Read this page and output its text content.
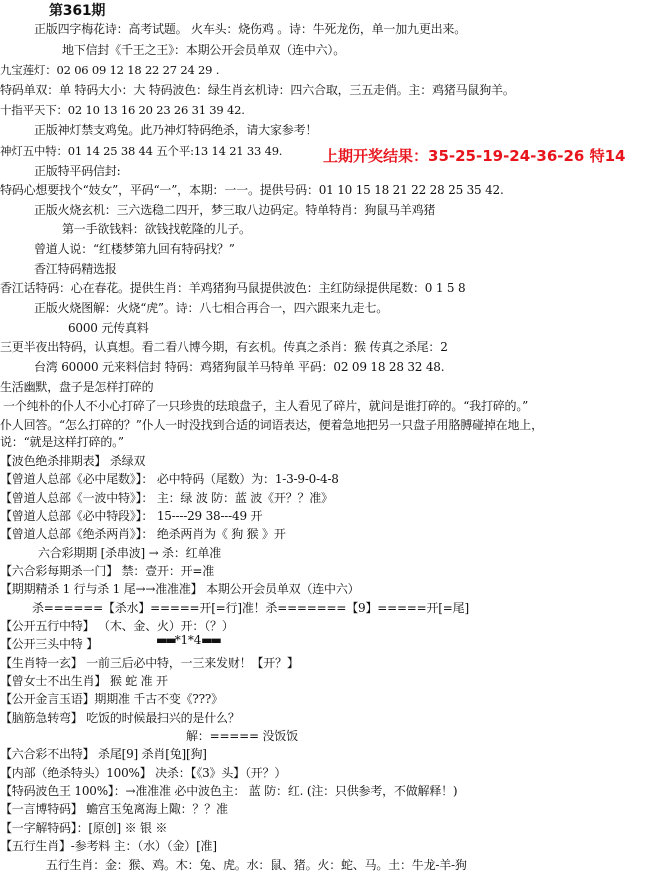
第361期
正版四字梅花诗：高考试题。 火车头：烧伤鸡 。诗：牛死龙伤，单一加九更出来。
地下信封《千王之王》：本期公开会员单双（连中六）。
九宝莲灯：02 06 09 12 18 22 27 24 29 .
特码单双：单 特码大小：大 特码波色：绿生肖玄机诗：四六合取，三五走俏。主：鸡猪马鼠狗羊。
十指平天下：02 10 13 16 20 23 26 31 39 42.
正版神灯禁支鸡兔。此乃神灯特码绝杀，请大家参考！
神灯五中特：01 14 25 38 44 五个平:13 14 21 33 49.	上期开奖结果：35-25-19-24-36-26 特14
正版特平码信封:
特码心想要找个“妓女”，平码“一”，本期：一一。提供号码：01 10 15 18 21 22 28 25 35 42.
正版火烧玄机：三六选稳二四开，梦三取八边码定。特单特肖：狗鼠马羊鸡猪
第一手欲钱料：欲钱找乾隆的儿子。
曾道人说：“红楼梦第九回有特码找？”
香江特码精选报
香江话特码：心在春花。提供生肖：羊鸡猪狗马鼠提供波色：主红防绿提供尾数：0 1 5 8
正版火烧图解：火烧“虎”。诗：八七相合再合一，四六跟来九走七。
6000 元传真料
三更半夜出特码，认真想。看二看八博今期，有玄机。传真之杀肖：猴 传真之杀尾：2
台湾 60000 元来料信封 特码：鸡猪狗鼠羊马特单 平码：02 09 18 28 32 48.
生活幽默，盘子是怎样打碎的
一个纯朴的仆人不小心打碎了一只珍贵的珐琅盘子，主人看见了碎片，就问是谁打碎的。“我打碎的。”
仆人回答。“怎么打碎的？”仆人一时没找到合适的词语表达，便着急地把另一只盘子用胳膊碰掉在地上，
说：“就是这样打碎的。”
【波色绝杀排期表】 杀绿双
【曾道人总部《必中尾数》】： 必中特码（尾数）为：1-3-9-0-4-8
【曾道人总部《一波中特》】： 主：绿 波 防：蓝 波《开？？准》
【曾道人总部《必中特段》】： 15----29 38---49 开
【曾道人总部《绝杀两肖》】： 绝杀两肖为《 狗 猴 》开
六合彩期期 [杀串波] → 杀：红单准
【六合彩每期杀一门】 禁：壹开：开=准
【期期精杀 1 行与杀 1 尾→→准准准】 本期公开会员单双（连中六）
杀======【杀水】=====开[=行]准！杀=======【9】=====开[=尾]
【公开五行中特】 （木、金、火）开：（？）
【公开三头中特 】	▬▬*1*4▬▬
【生肖特一玄】 一前三后必中特，一三来发财！【开？】
【曾女士不出生肖】 猴 蛇 准 开
【公开金言玉语】期期准 千古不变《???》
【脑筋急转弯】 吃饭的时候最扫兴的是什么？
解：===== 没饭饭
【六合彩不出特】 杀尾[9] 杀肖[兔][狗]
【内部（绝杀特头）100%】 决杀：【《3》头】（开？）
【特码波色王 100%】：→准准准 必中波色主： 蓝 防：红. (注：只供参考，不做解释！)
【一言博特码】 蟾宫玉兔离海上陬：？？准
【一字解特码】：[原创] ※ 银 ※
【五行生肖】-参考料 主：（水）（金）[准]
五行生肖：金：猴、鸡。木：兔、虎。水：鼠、猪。火：蛇、马。土：牛龙-羊-狗
